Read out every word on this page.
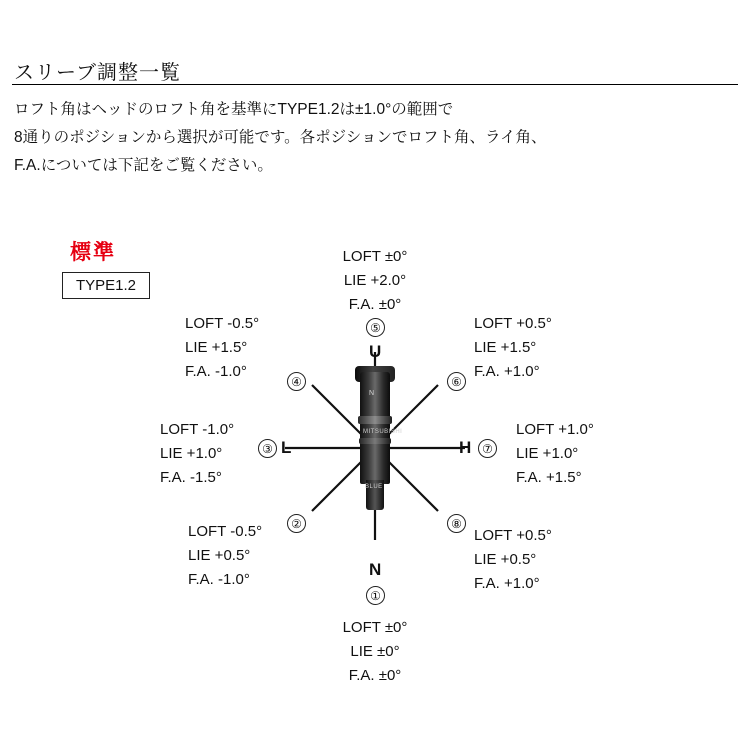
スリーブ調整一覧
ロフト角はヘッドのロフト角を基準にTYPE1.2は±1.0°の範囲で
8通りのポジションから選択が可能です。各ポジションでロフト角、ライ角、
F.A.については下記をご覧ください。
標準
TYPE1.2
N
MITSUBISHI
BLUE
U
L	H
N
LOFT ±0°
LIE +2.0°
F.A. ±0°
⑤
LOFT -0.5°
LIE +1.5°
F.A. -1.0°
④
LOFT +0.5°
LIE +1.5°
F.A. +1.0°
⑥
LOFT -1.0°
LIE +1.0°
F.A. -1.5°
③
LOFT +1.0°
LIE +1.0°
F.A. +1.5°
⑦
LOFT -0.5°
LIE +0.5°
F.A. -1.0°
②
LOFT +0.5°
LIE +0.5°
F.A. +1.0°
⑧
①
LOFT ±0°
LIE ±0°
F.A. ±0°
